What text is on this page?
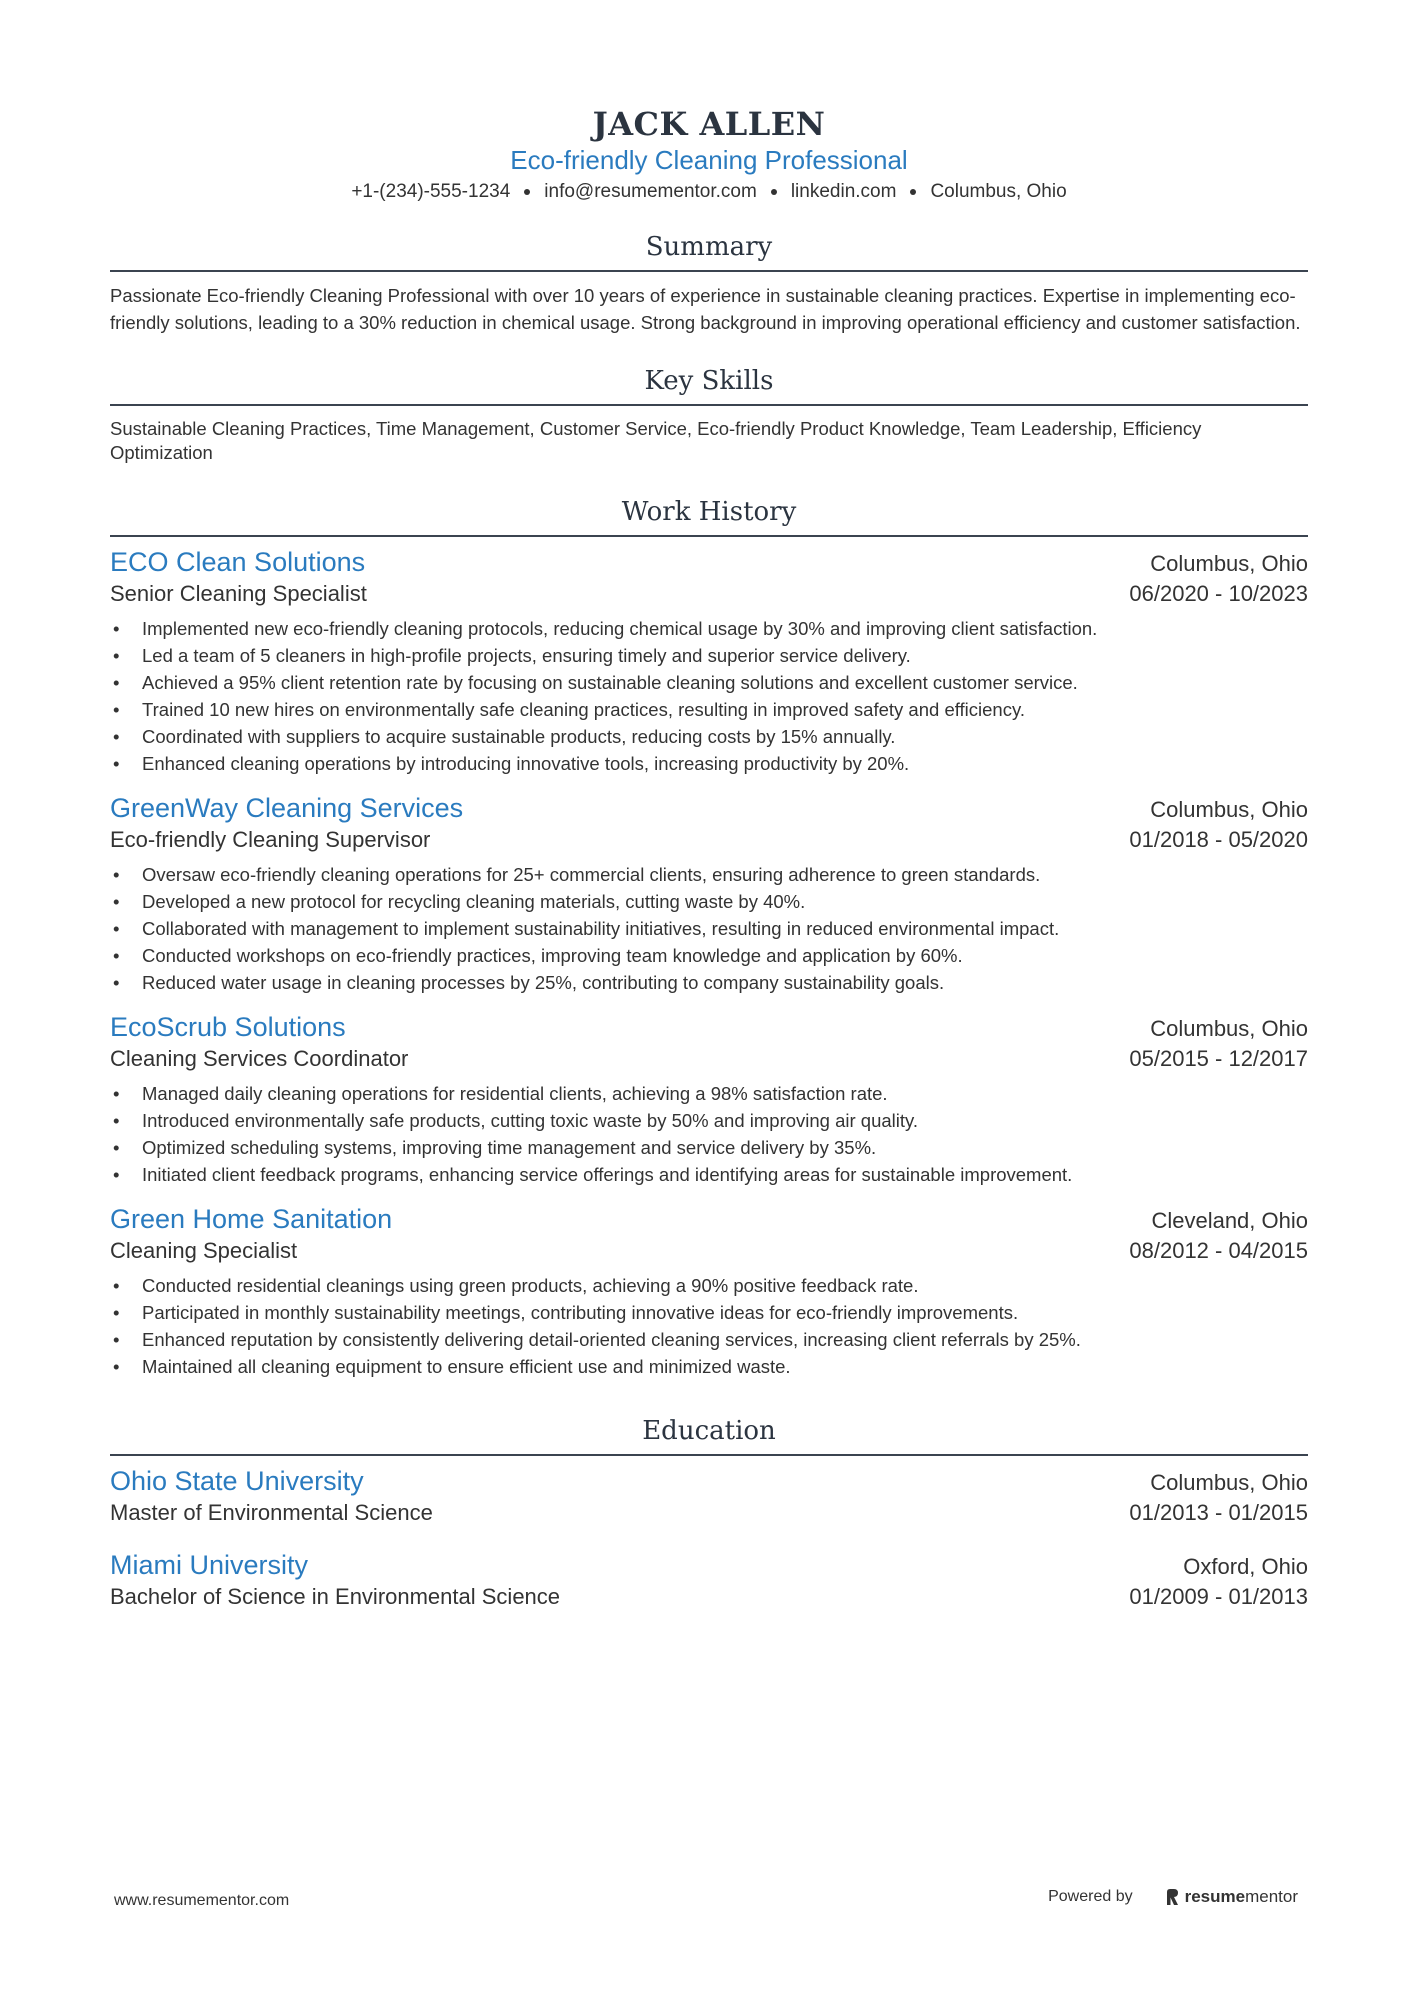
JACK ALLEN
Eco-friendly Cleaning Professional
+1-(234)-555-1234 info@resumementor.com linkedin.com Columbus, Ohio
Summary
Passionate Eco-friendly Cleaning Professional with over 10 years of experience in sustainable cleaning practices. Expertise in implementing eco-friendly solutions, leading to a 30% reduction in chemical usage. Strong background in improving operational efficiency and customer satisfaction.
Key Skills
Sustainable Cleaning Practices, Time Management, Customer Service, Eco-friendly Product Knowledge, Team Leadership, Efficiency Optimization
Work History
ECO Clean Solutions	Columbus, Ohio
Senior Cleaning Specialist	06/2020 - 10/2023
• Implemented new eco-friendly cleaning protocols, reducing chemical usage by 30% and improving client satisfaction.
• Led a team of 5 cleaners in high-profile projects, ensuring timely and superior service delivery.
• Achieved a 95% client retention rate by focusing on sustainable cleaning solutions and excellent customer service.
• Trained 10 new hires on environmentally safe cleaning practices, resulting in improved safety and efficiency.
• Coordinated with suppliers to acquire sustainable products, reducing costs by 15% annually.
• Enhanced cleaning operations by introducing innovative tools, increasing productivity by 20%.
GreenWay Cleaning Services	Columbus, Ohio
Eco-friendly Cleaning Supervisor	01/2018 - 05/2020
• Oversaw eco-friendly cleaning operations for 25+ commercial clients, ensuring adherence to green standards.
• Developed a new protocol for recycling cleaning materials, cutting waste by 40%.
• Collaborated with management to implement sustainability initiatives, resulting in reduced environmental impact.
• Conducted workshops on eco-friendly practices, improving team knowledge and application by 60%.
• Reduced water usage in cleaning processes by 25%, contributing to company sustainability goals.
EcoScrub Solutions	Columbus, Ohio
Cleaning Services Coordinator	05/2015 - 12/2017
• Managed daily cleaning operations for residential clients, achieving a 98% satisfaction rate.
• Introduced environmentally safe products, cutting toxic waste by 50% and improving air quality.
• Optimized scheduling systems, improving time management and service delivery by 35%.
• Initiated client feedback programs, enhancing service offerings and identifying areas for sustainable improvement.
Green Home Sanitation	Cleveland, Ohio
Cleaning Specialist	08/2012 - 04/2015
• Conducted residential cleanings using green products, achieving a 90% positive feedback rate.
• Participated in monthly sustainability meetings, contributing innovative ideas for eco-friendly improvements.
• Enhanced reputation by consistently delivering detail-oriented cleaning services, increasing client referrals by 25%.
• Maintained all cleaning equipment to ensure efficient use and minimized waste.
Education
Ohio State University	Columbus, Ohio
Master of Environmental Science	01/2013 - 01/2015
Miami University	Oxford, Ohio
Bachelor of Science in Environmental Science	01/2009 - 01/2013
www.resumementor.com	Powered by	resume mentor
